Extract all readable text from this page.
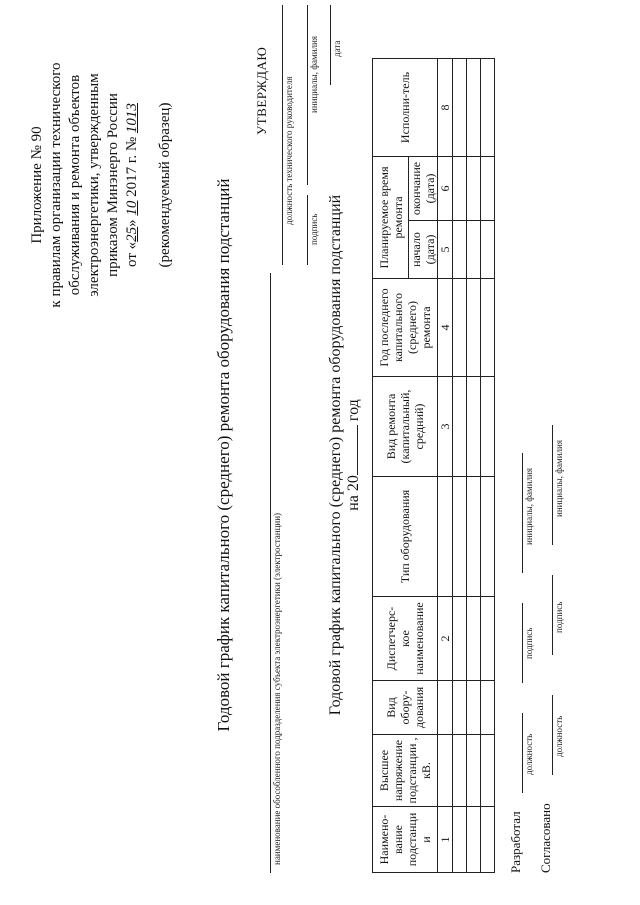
Приложение № 90 к правилам организации технического обслуживания и ремонта объектов электроэнергетики, утвержденным приказом Минэнерго России от «25» 10 2017 г. № 1013 (рекомендуемый образец) Годовой график капитального (среднего) ремонта оборудования подстанций
УТВЕРЖДАЮ должность технического руководителя
подпись
инициалы, фамилия дата
наименование обособленного подразделения субъекта электроэнергетики (электростанции)	Годовой график капитального (среднего) ремонта оборудования подстанций на 20 год
Наимено-вание подстанци и	Высшее напряжение подстанции , кВ.	Вид обору-дования	Диспетчерс-кое наименование	Тип оборудования	Вид ремонта (капитальный, средний)	Год последнего капитального (среднего) ремонта	Планируемое время ремонта		Исполни-тель
							начало (дата)	окончание (дата)	

1			2		3	4	5	6	8

Разработал
должность
подпись
инициалы, фамилия
Согласовано
должность
подпись
инициалы, фамилия
